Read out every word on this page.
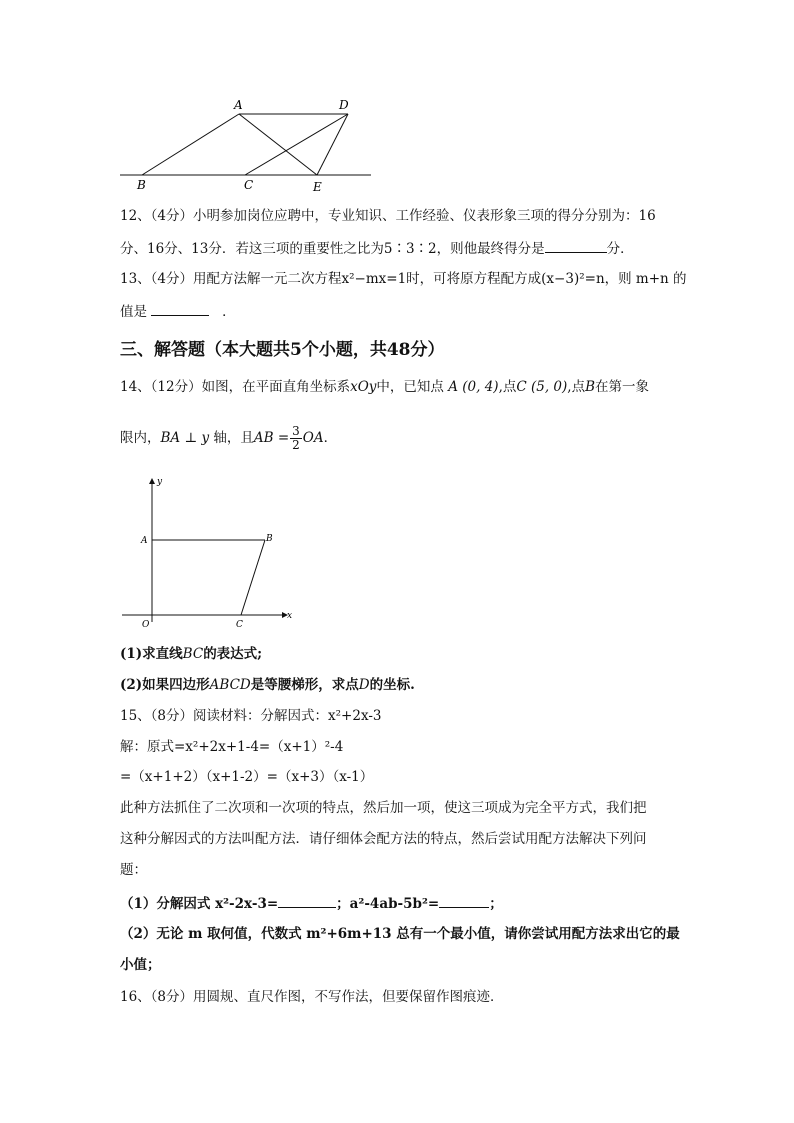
A	D
B	C	E
12、（4分）小明参加岗位应聘中，专业知识、工作经验、仪表形象三项的得分分别为：16
分、16分、13分．若这三项的重要性之比为5∶3∶2，则他最终得分是	分．
13、（4分）用配方法解一元二次方程x²−mx=1时，可将原方程配方成(x−3)²=n，则 m+n 的
值是	．
三、解答题（本大题共5个小题，共48分）
14、（12分）如图，在平面直角坐标系xOy中，已知点 A (0, 4),点C (5, 0),点B在第一象
限内，BA ⊥ y 轴，且AB = $\frac{3}{2}$ OA．
y
x
A	B
O	C
(1)求直线BC的表达式;
(2)如果四边形ABCD是等腰梯形，求点D的坐标.
15、（8分）阅读材料：分解因式：x²+2x-3
解：原式=x²+2x+1-4=（x+1）²-4
=（x+1+2）（x+1-2）=（x+3）（x-1）
此种方法抓住了二次项和一次项的特点，然后加一项，使这三项成为完全平方式，我们把
这种分解因式的方法叫配方法．请仔细体会配方法的特点，然后尝试用配方法解决下列问
题：
（1）分解因式 x²-2x-3=	；a²-4ab-5b²=	；
（2）无论 m 取何值，代数式 m²+6m+13 总有一个最小值，请你尝试用配方法求出它的最
小值；
16、（8分）用圆规、直尺作图，不写作法，但要保留作图痕迹．
